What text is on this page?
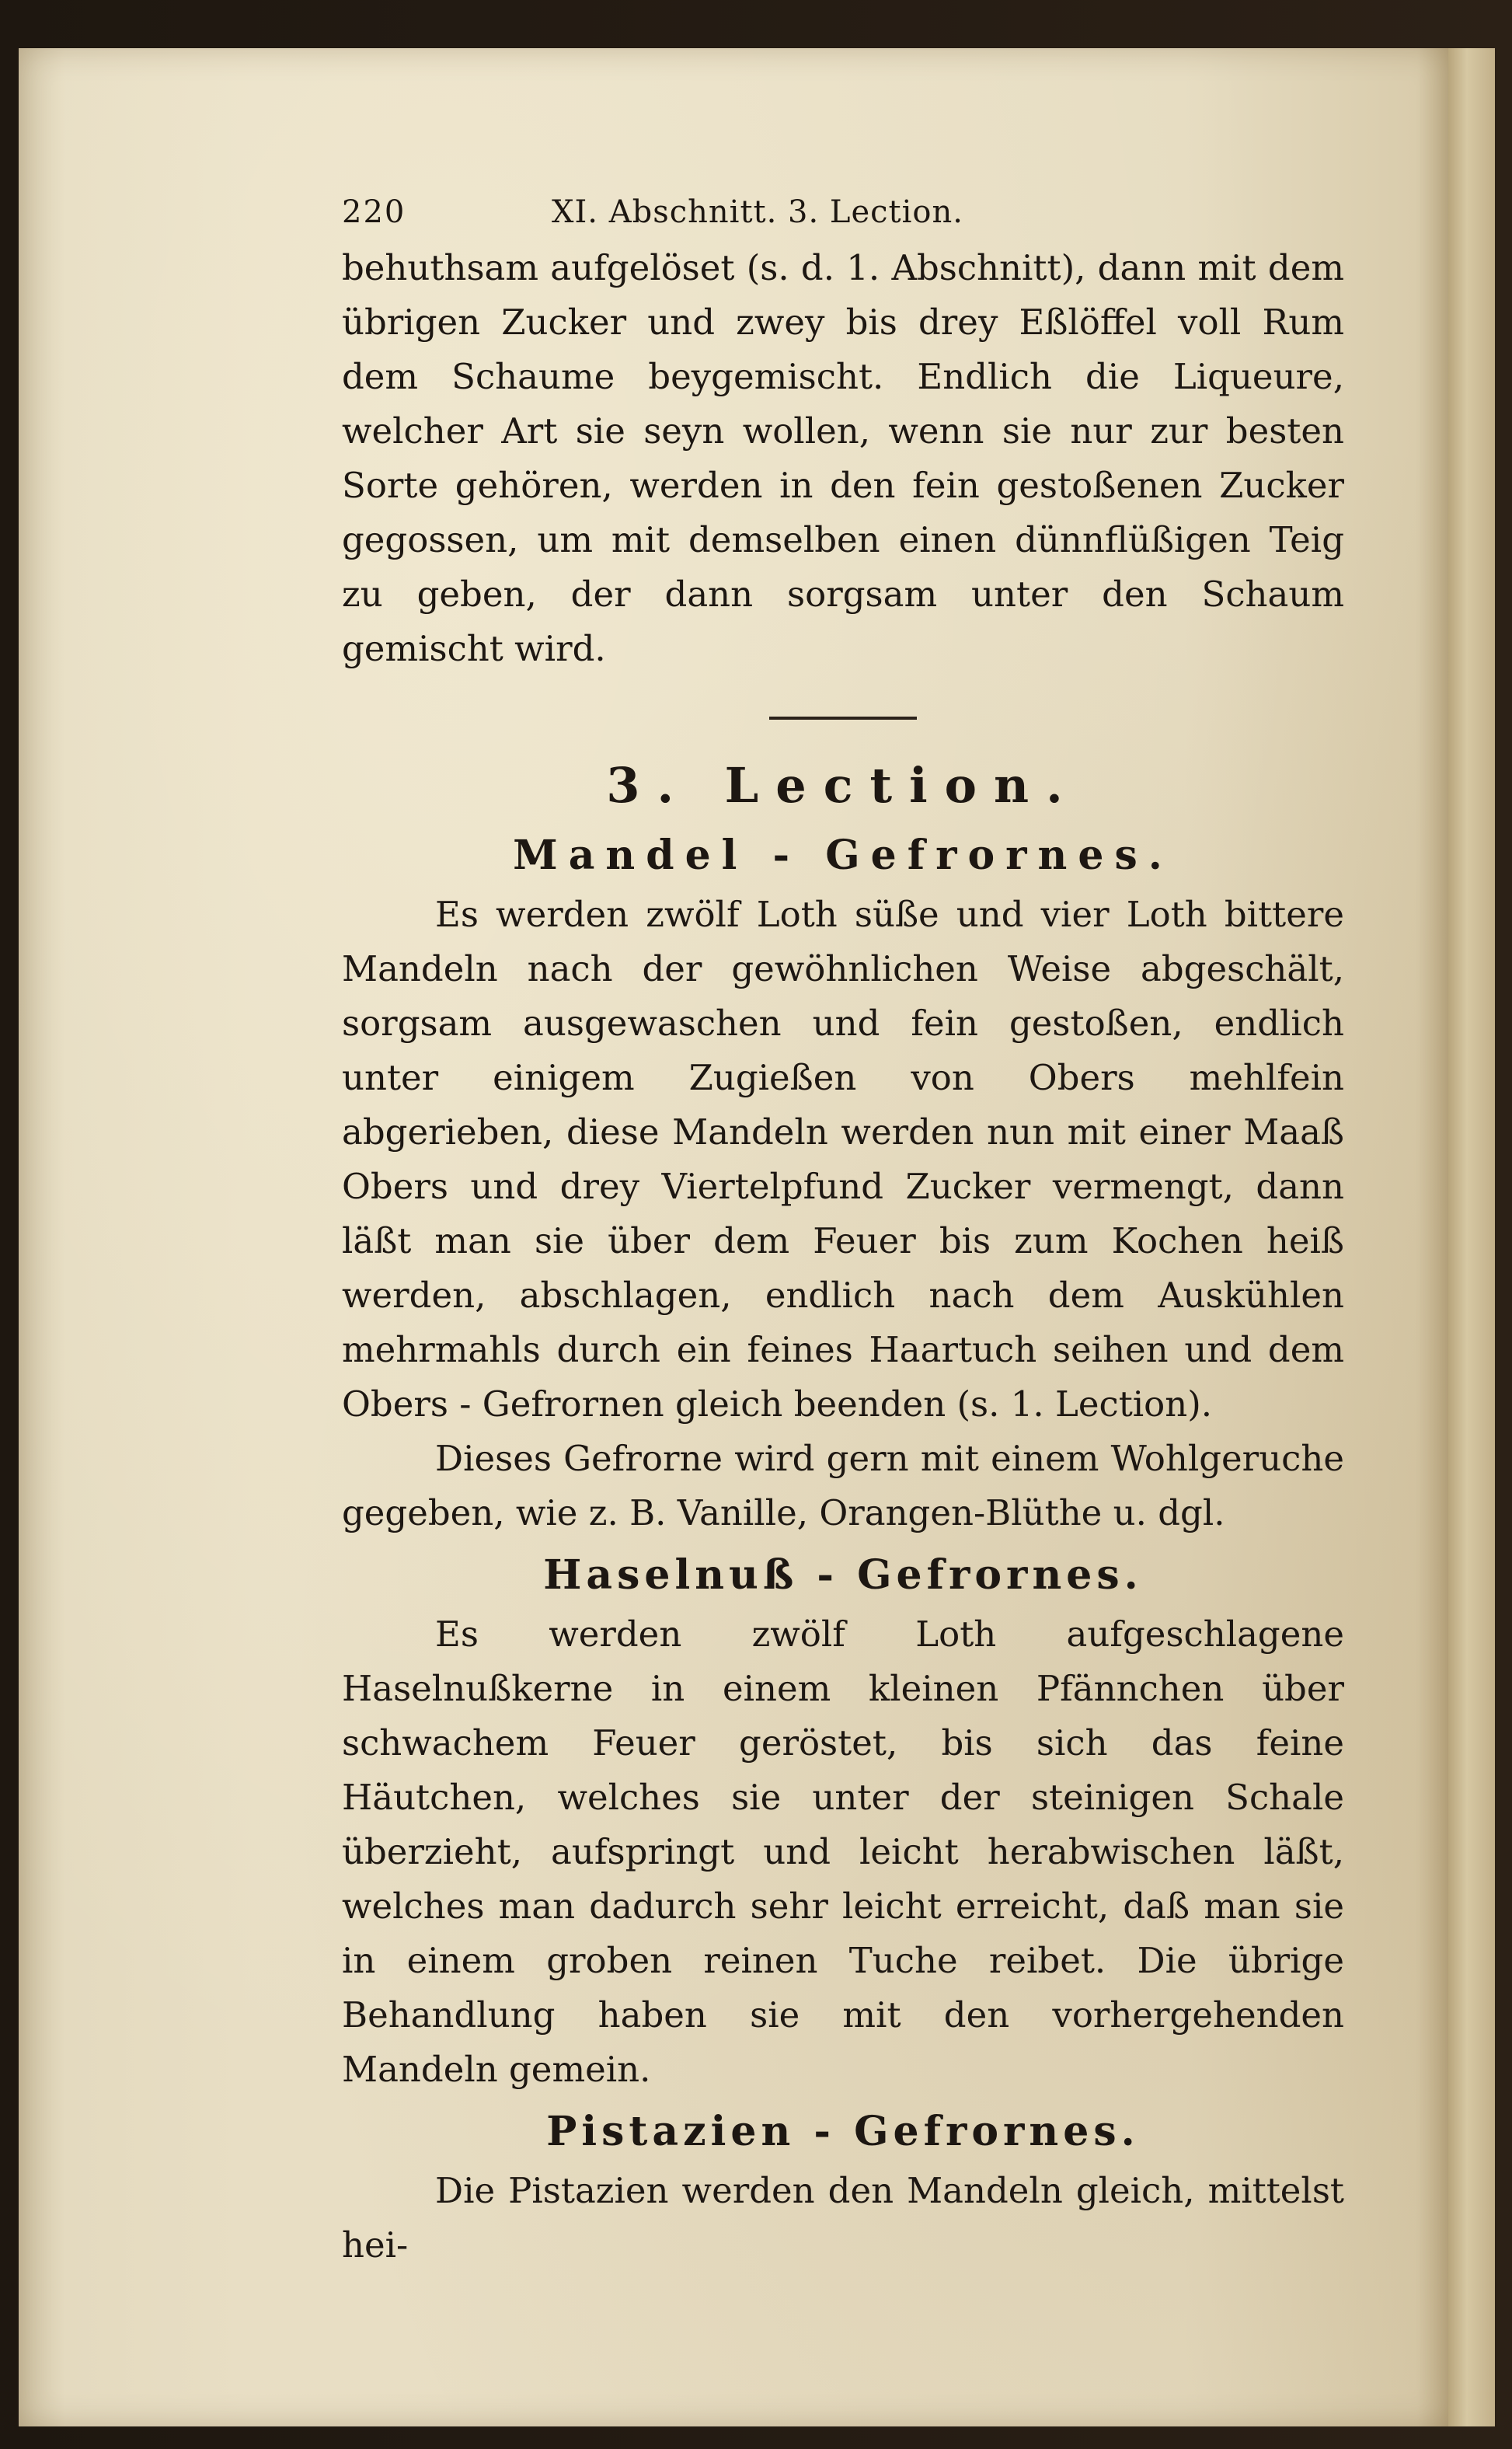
220	XI. Abschnitt. 3. Lection.

behuthsam aufgelöset (s. d. 1. Abschnitt), dann mit dem übrigen Zucker und zwey bis drey Eßlöffel voll Rum dem Schaume beygemischt. Endlich die Liqueure, welcher Art sie seyn wollen, wenn sie nur zur besten Sorte gehören, werden in den fein gestoßenen Zucker gegossen, um mit demselben einen dünnflüßigen Teig zu geben, der dann sorgsam unter den Schaum gemischt wird.

3. Lection.
Mandel - Gefrornes.

Es werden zwölf Loth süße und vier Loth bittere Mandeln nach der gewöhnlichen Weise abgeschält, sorgsam ausgewaschen und fein gestoßen, endlich unter einigem Zugießen von Obers mehlfein abgerieben, diese Mandeln werden nun mit einer Maaß Obers und drey Viertelpfund Zucker vermengt, dann läßt man sie über dem Feuer bis zum Kochen heiß werden, abschlagen, endlich nach dem Auskühlen mehrmahls durch ein feines Haartuch seihen und dem Obers - Gefrornen gleich beenden (s. 1. Lection).

Dieses Gefrorne wird gern mit einem Wohlgeruche gegeben, wie z. B. Vanille, Orangen-Blüthe u. dgl.

Haselnuß - Gefrornes.

Es werden zwölf Loth aufgeschlagene Haselnußkerne in einem kleinen Pfännchen über schwachem Feuer geröstet, bis sich das feine Häutchen, welches sie unter der steinigen Schale überzieht, aufspringt und leicht herabwischen läßt, welches man dadurch sehr leicht erreicht, daß man sie in einem groben reinen Tuche reibet. Die übrige Behandlung haben sie mit den vorhergehenden Mandeln gemein.

Pistazien - Gefrornes.

Die Pistazien werden den Mandeln gleich, mittelst hei-
